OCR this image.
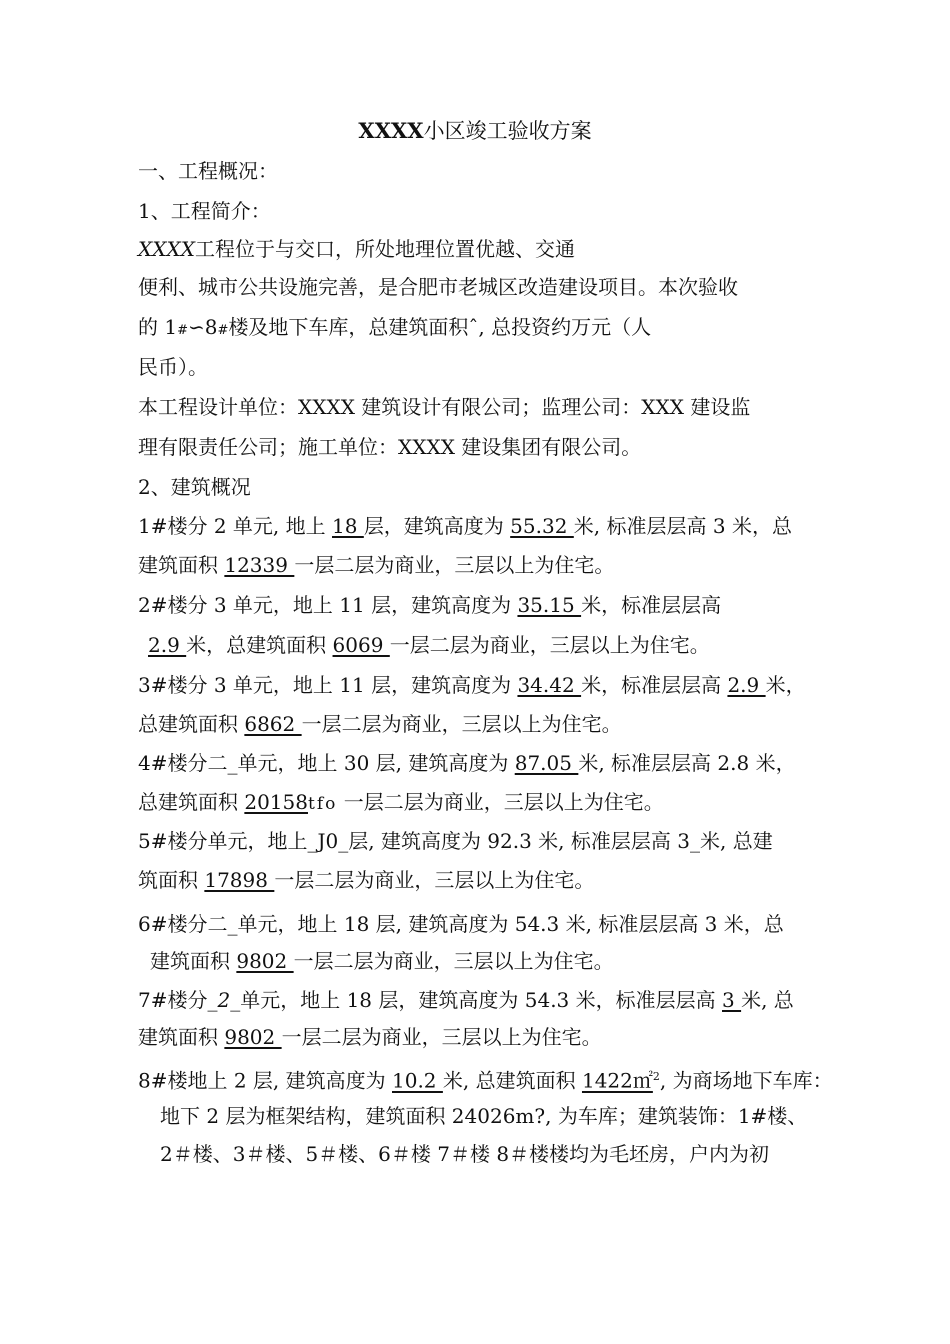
XXXX小区竣工验收方案
一、工程概况：
1、工程简介：
XXXX工程位于与交口，所处地理位置优越、交通
便利、城市公共设施完善，是合肥市老城区改造建设项目。本次验收
的 1#∽8#楼及地下车库，总建筑面积ˆ, 总投资约万元（人
民币）。
本工程设计单位：XXXX 建筑设计有限公司；监理公司：XXX 建设监
理有限责任公司；施工单位：XXXX 建设集团有限公司。
2、建筑概况
1#楼分 2 单元, 地上 18 层，建筑高度为 55.32 米, 标准层层高 3 米，总
建筑面积 12339 一层二层为商业，三层以上为住宅。
2#楼分 3 单元，地上 11 层，建筑高度为 35.15 米，标准层层高
2.9 米，总建筑面积 6069 一层二层为商业，三层以上为住宅。
3#楼分 3 单元，地上 11 层，建筑高度为 34.42 米，标准层层高 2.9 米，
总建筑面积 6862 一层二层为商业，三层以上为住宅。
4#楼分二_单元，地上 30 层, 建筑高度为 87.05 米, 标准层层高 2.8 米，
总建筑面积 20158tfo 一层二层为商业，三层以上为住宅。
5#楼分单元，地上_J0_层, 建筑高度为 92.3 米, 标准层层高 3_米, 总建
筑面积 17898 一层二层为商业，三层以上为住宅。
6#楼分二_单元，地上 18 层, 建筑高度为 54.3 米, 标准层层高 3 米，总
建筑面积 9802 一层二层为商业，三层以上为住宅。
7#楼分_2_单元，地上 18 层，建筑高度为 54.3 米，标准层层高 3 米, 总
建筑面积 9802 一层二层为商业，三层以上为住宅。
8#楼地上 2 层, 建筑高度为 10.2 米, 总建筑面积 1422㎡$^2$, 为商场地下车库：
地下 2 层为框架结构，建筑面积 24026m?, 为车库；建筑装饰：1#楼、
2＃楼、3＃楼、5＃楼、6＃楼 7＃楼 8＃楼楼均为毛坯房，户内为初
